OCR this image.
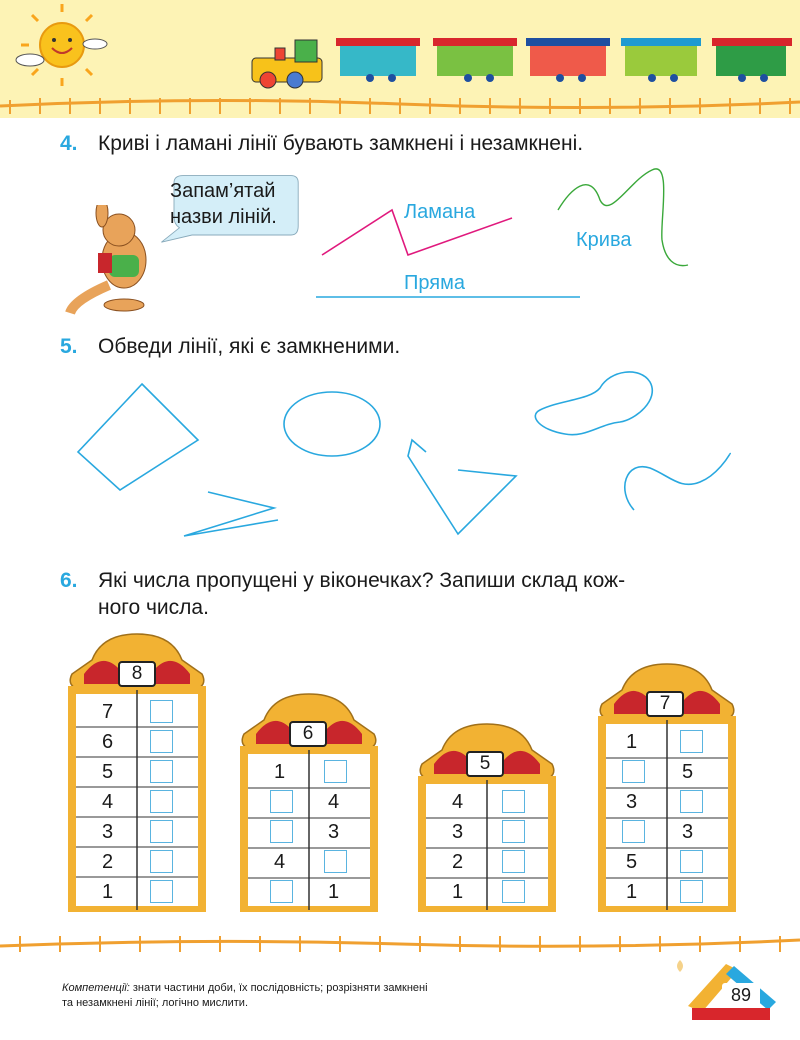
4. Криві і ламані лінії бувають замкнені і незамкнені.
Запам’ятай
назви ліній.	Ламана
Крива
Пряма
5. Обведи лінії, які є замкненими.
6. Які числа пропущені у віконечках? Запиши склад кож-
ного числа.
8
7
6
5
4
3
2
1
6
1
4
3
4
1
5
4
3
2
1
7
1
5
3
3
5
1
Компетенції: знати частини доби, їх послідовність; розрізняти замкнені
та незамкнені лінії; логічно мислити.	89
